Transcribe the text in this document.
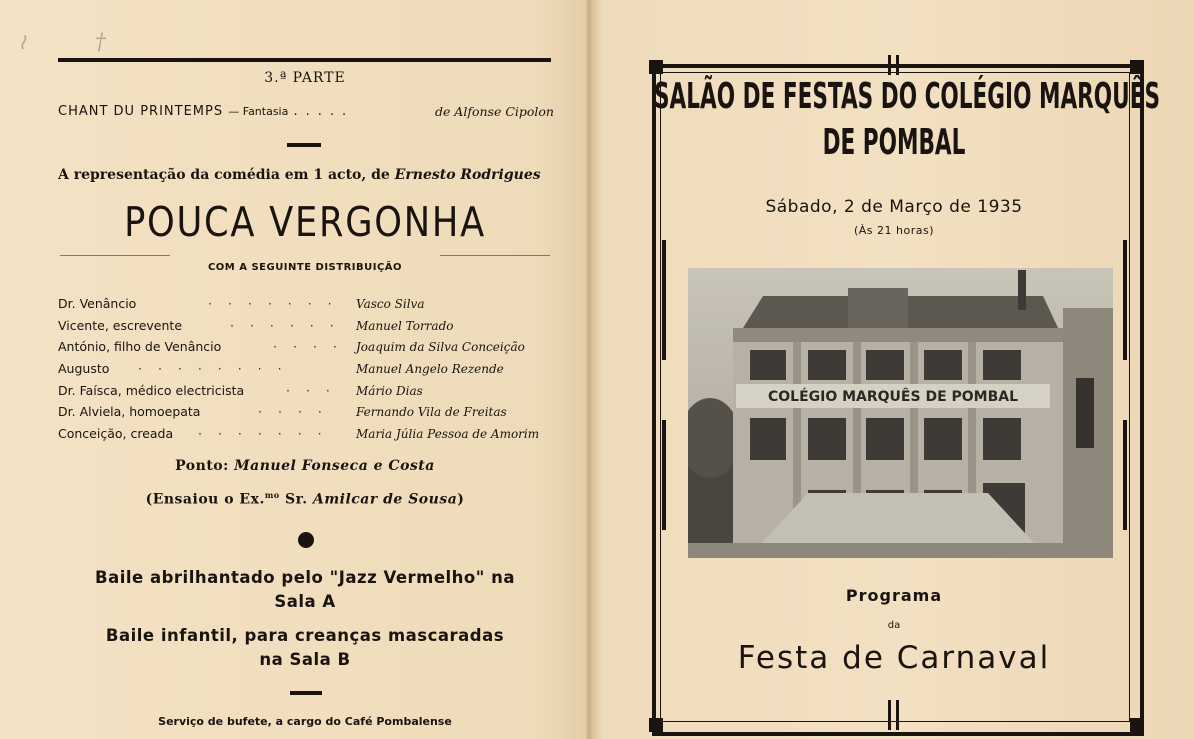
≀	†
3.ª PARTE
CHANT DU PRINTEMPS — Fantasia .....	de Alfonse Cipolon
A representação da comédia em 1 acto, de Ernesto Rodrigues
POUCA VERGONHA
COM A SEGUINTE DISTRIBUIÇÃO
Dr. Venâncio	· · · · · · · Vasco Silva
Vicente, escrevente	· · · · · · Manuel Torrado
António, filho de Venâncio	· · · · Joaquim da Silva Conceição
Augusto · · · · · · · ·	Manuel Angelo Rezende
Dr. Faísca, médico electricista	· · · Mário Dias
Dr. Alviela, homoepata	· · · · Fernando Vila de Freitas
Conceição, creada · · · · · · · Maria Júlia Pessoa de Amorim
Ponto: Manuel Fonseca e Costa
(Ensaiou o Ex.$^{mo}$ Sr. Amilcar de Sousa)
Baile abrilhantado pelo "Jazz Vermelho" na
Sala A
Baile infantil, para creanças mascaradas
na Sala B
Serviço de bufete, a cargo do Café Pombalense
SALÃO DE FESTAS DO COLÉGIO MARQUÊS
DE POMBAL
Sábado, 2 de Março de 1935
(Às 21 horas)
COLÉGIO MARQUÊS DE POMBAL
Programa
da
Festa de Carnaval
